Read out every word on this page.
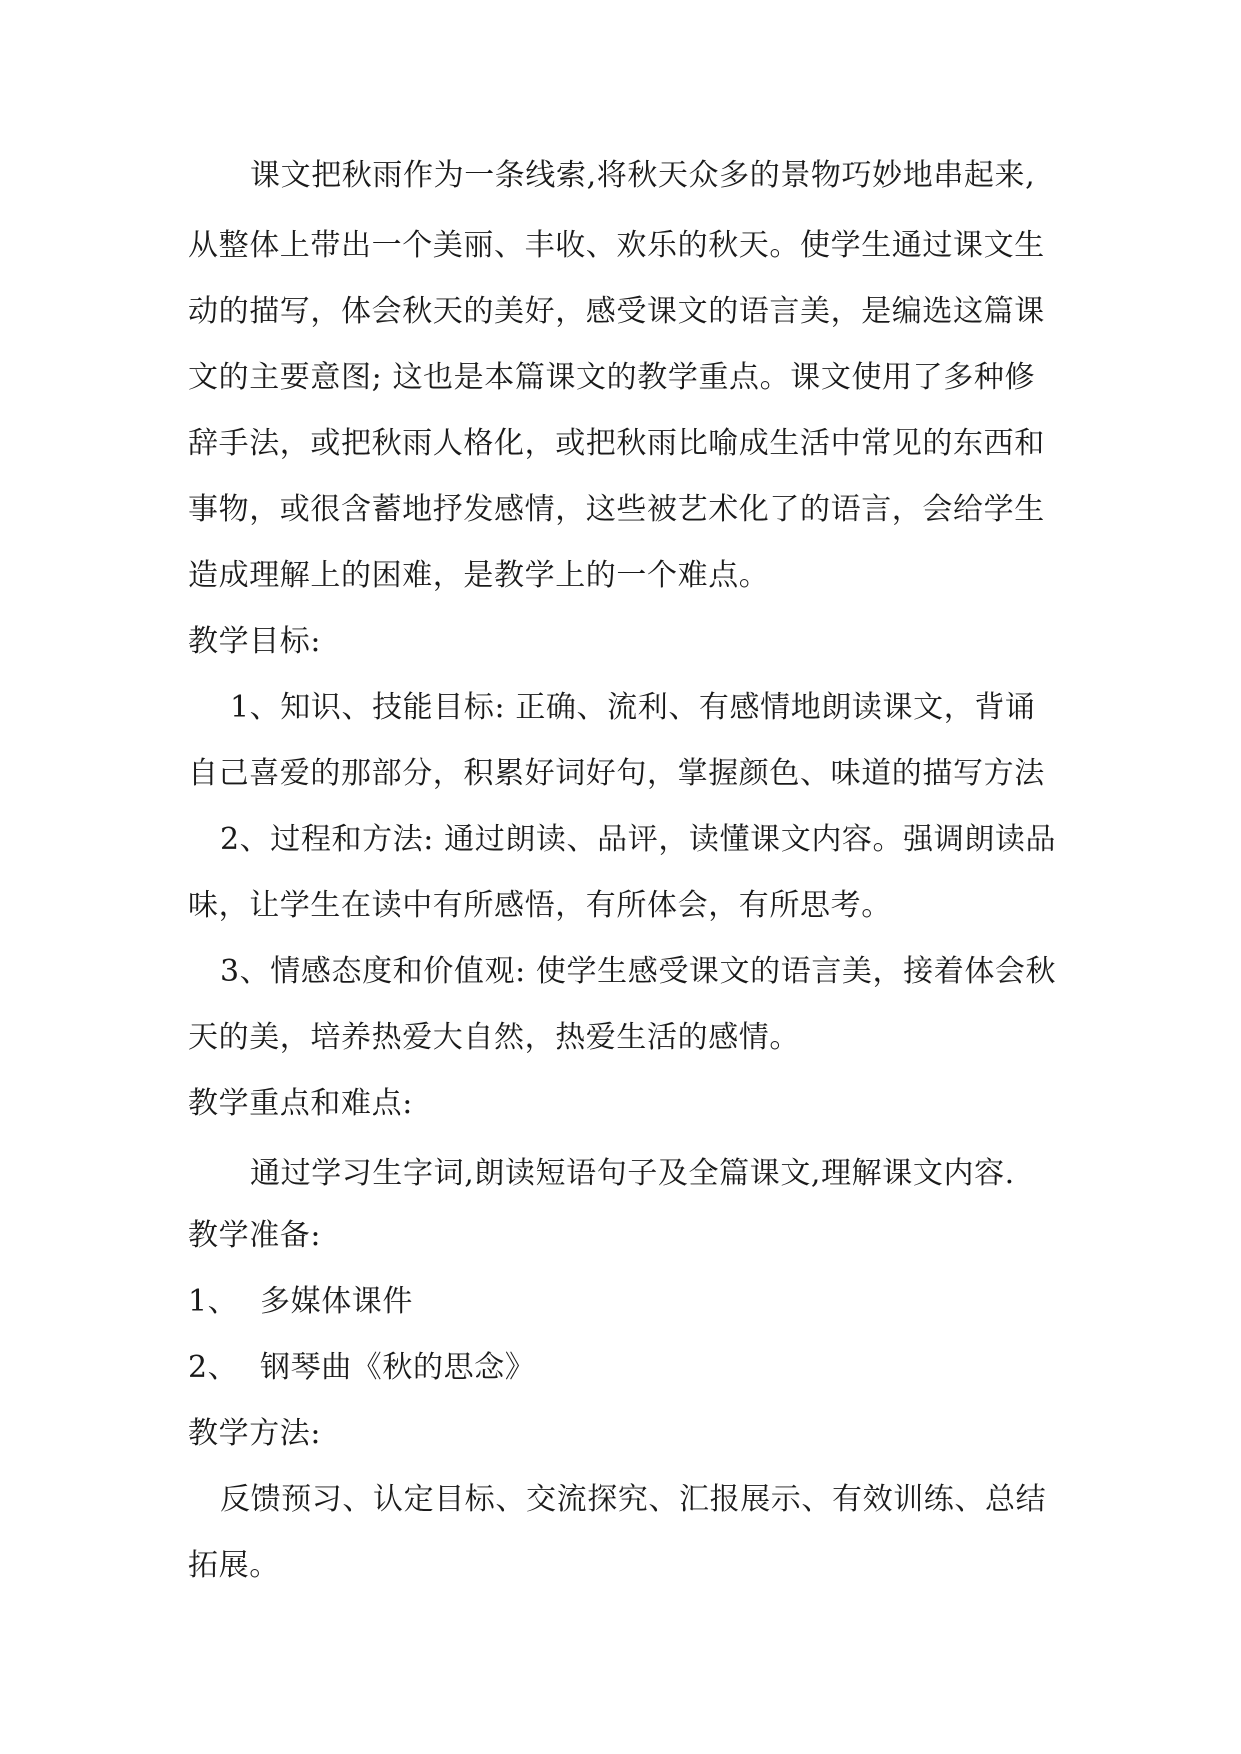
课文把秋雨作为一条线索,将秋天众多的景物巧妙地串起来,
从整体上带出一个美丽、丰收、欢乐的秋天。使学生通过课文生
动的描写，体会秋天的美好，感受课文的语言美，是编选这篇课
文的主要意图; 这也是本篇课文的教学重点。课文使用了多种修
辞手法，或把秋雨人格化，或把秋雨比喻成生活中常见的东西和
事物，或很含蓄地抒发感情，这些被艺术化了的语言，会给学生
造成理解上的困难，是教学上的一个难点。
教学目标:
1、知识、技能目标: 正确、流利、有感情地朗读课文，背诵
自己喜爱的那部分，积累好词好句，掌握颜色、味道的描写方法
2、过程和方法: 通过朗读、品评，读懂课文内容。强调朗读品
味，让学生在读中有所感悟，有所体会，有所思考。
3、情感态度和价值观: 使学生感受课文的语言美，接着体会秋
天的美，培养热爱大自然，热爱生活的感情。
教学重点和难点:
通过学习生字词,朗读短语句子及全篇课文,理解课文内容.
教学准备:
1、 多媒体课件
2、 钢琴曲《秋的思念》
教学方法:
反馈预习、认定目标、交流探究、汇报展示、有效训练、总结
拓展。
